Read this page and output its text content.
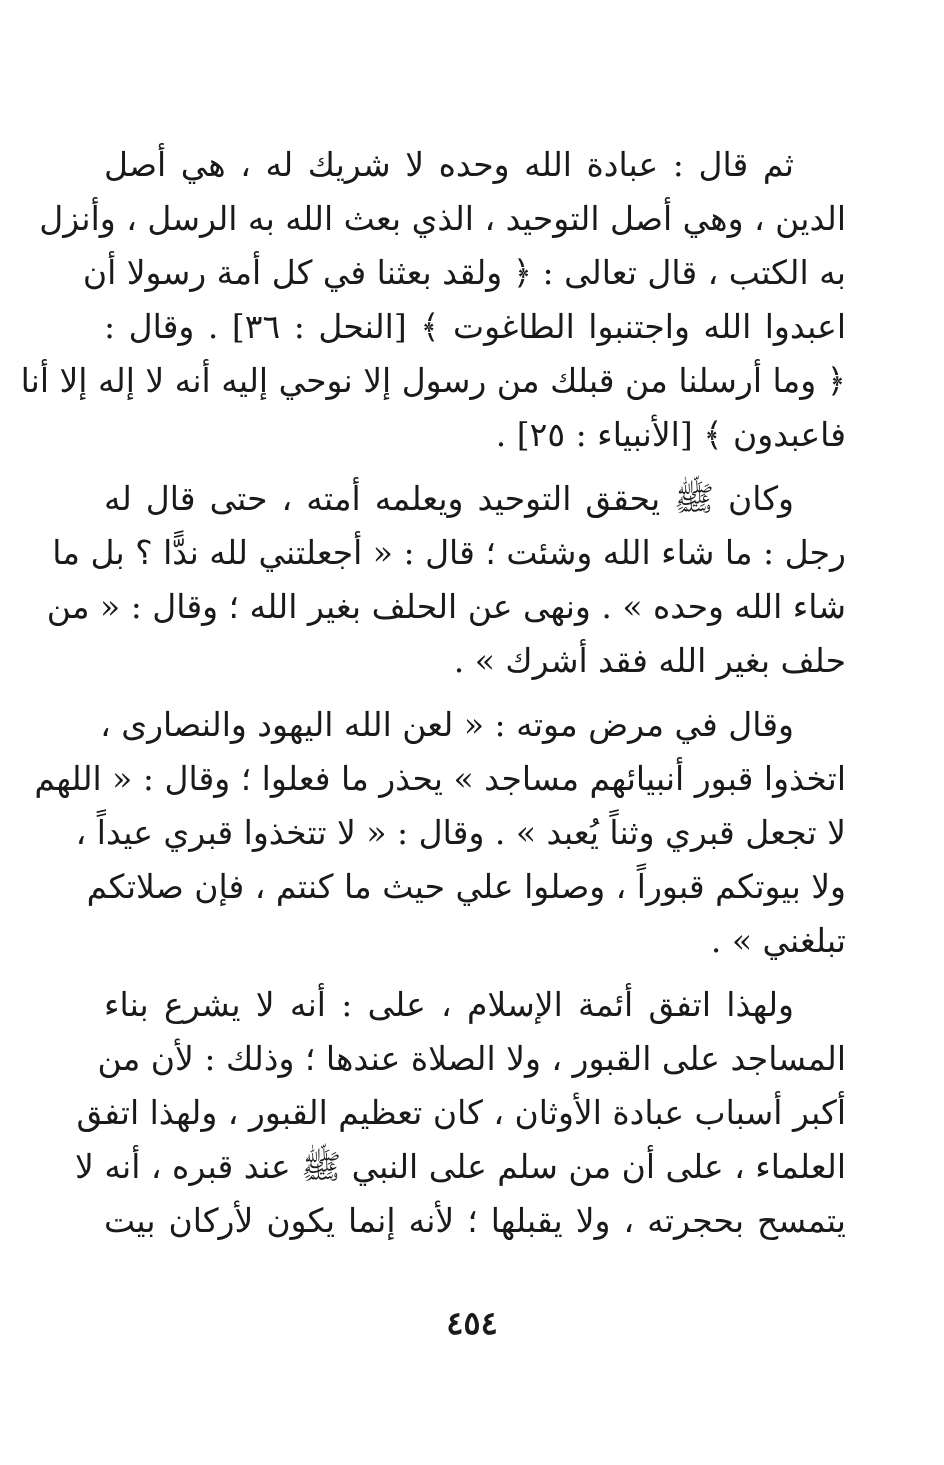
ثم قال : عبادة الله وحده لا شريك له ، هي أصل
الدين ، وهي أصل التوحيد ، الذي بعث الله به الرسل ، وأنزل
به الكتب ، قال تعالى : ﴿ ولقد بعثنا في كل أمة رسولا أن
اعبدوا الله واجتنبوا الطاغوت ﴾ [النحل : ٣٦] . وقال :
﴿ وما أرسلنا من قبلك من رسول إلا نوحي إليه أنه لا إله إلا أنا
فاعبدون ﴾ [الأنبياء : ٢٥] .
وكان ﷺ يحقق التوحيد ويعلمه أمته ، حتى قال له
رجل : ما شاء الله وشئت ؛ قال : « أجعلتني لله ندًّا ؟ بل ما
شاء الله وحده » . ونهى عن الحلف بغير الله ؛ وقال : « من
حلف بغير الله فقد أشرك » .
وقال في مرض موته : « لعن الله اليهود والنصارى ،
اتخذوا قبور أنبيائهم مساجد » يحذر ما فعلوا ؛ وقال : « اللهم
لا تجعل قبري وثناً يُعبد » . وقال : « لا تتخذوا قبري عيداً ،
ولا بيوتكم قبوراً ، وصلوا علي حيث ما كنتم ، فإن صلاتكم
تبلغني » .
ولهذا اتفق أئمة الإسلام ، على : أنه لا يشرع بناء
المساجد على القبور ، ولا الصلاة عندها ؛ وذلك : لأن من
أكبر أسباب عبادة الأوثان ، كان تعظيم القبور ، ولهذا اتفق
العلماء ، على أن من سلم على النبي ﷺ عند قبره ، أنه لا
يتمسح بحجرته ، ولا يقبلها ؛ لأنه إنما يكون لأركان بيت
٤٥٤
